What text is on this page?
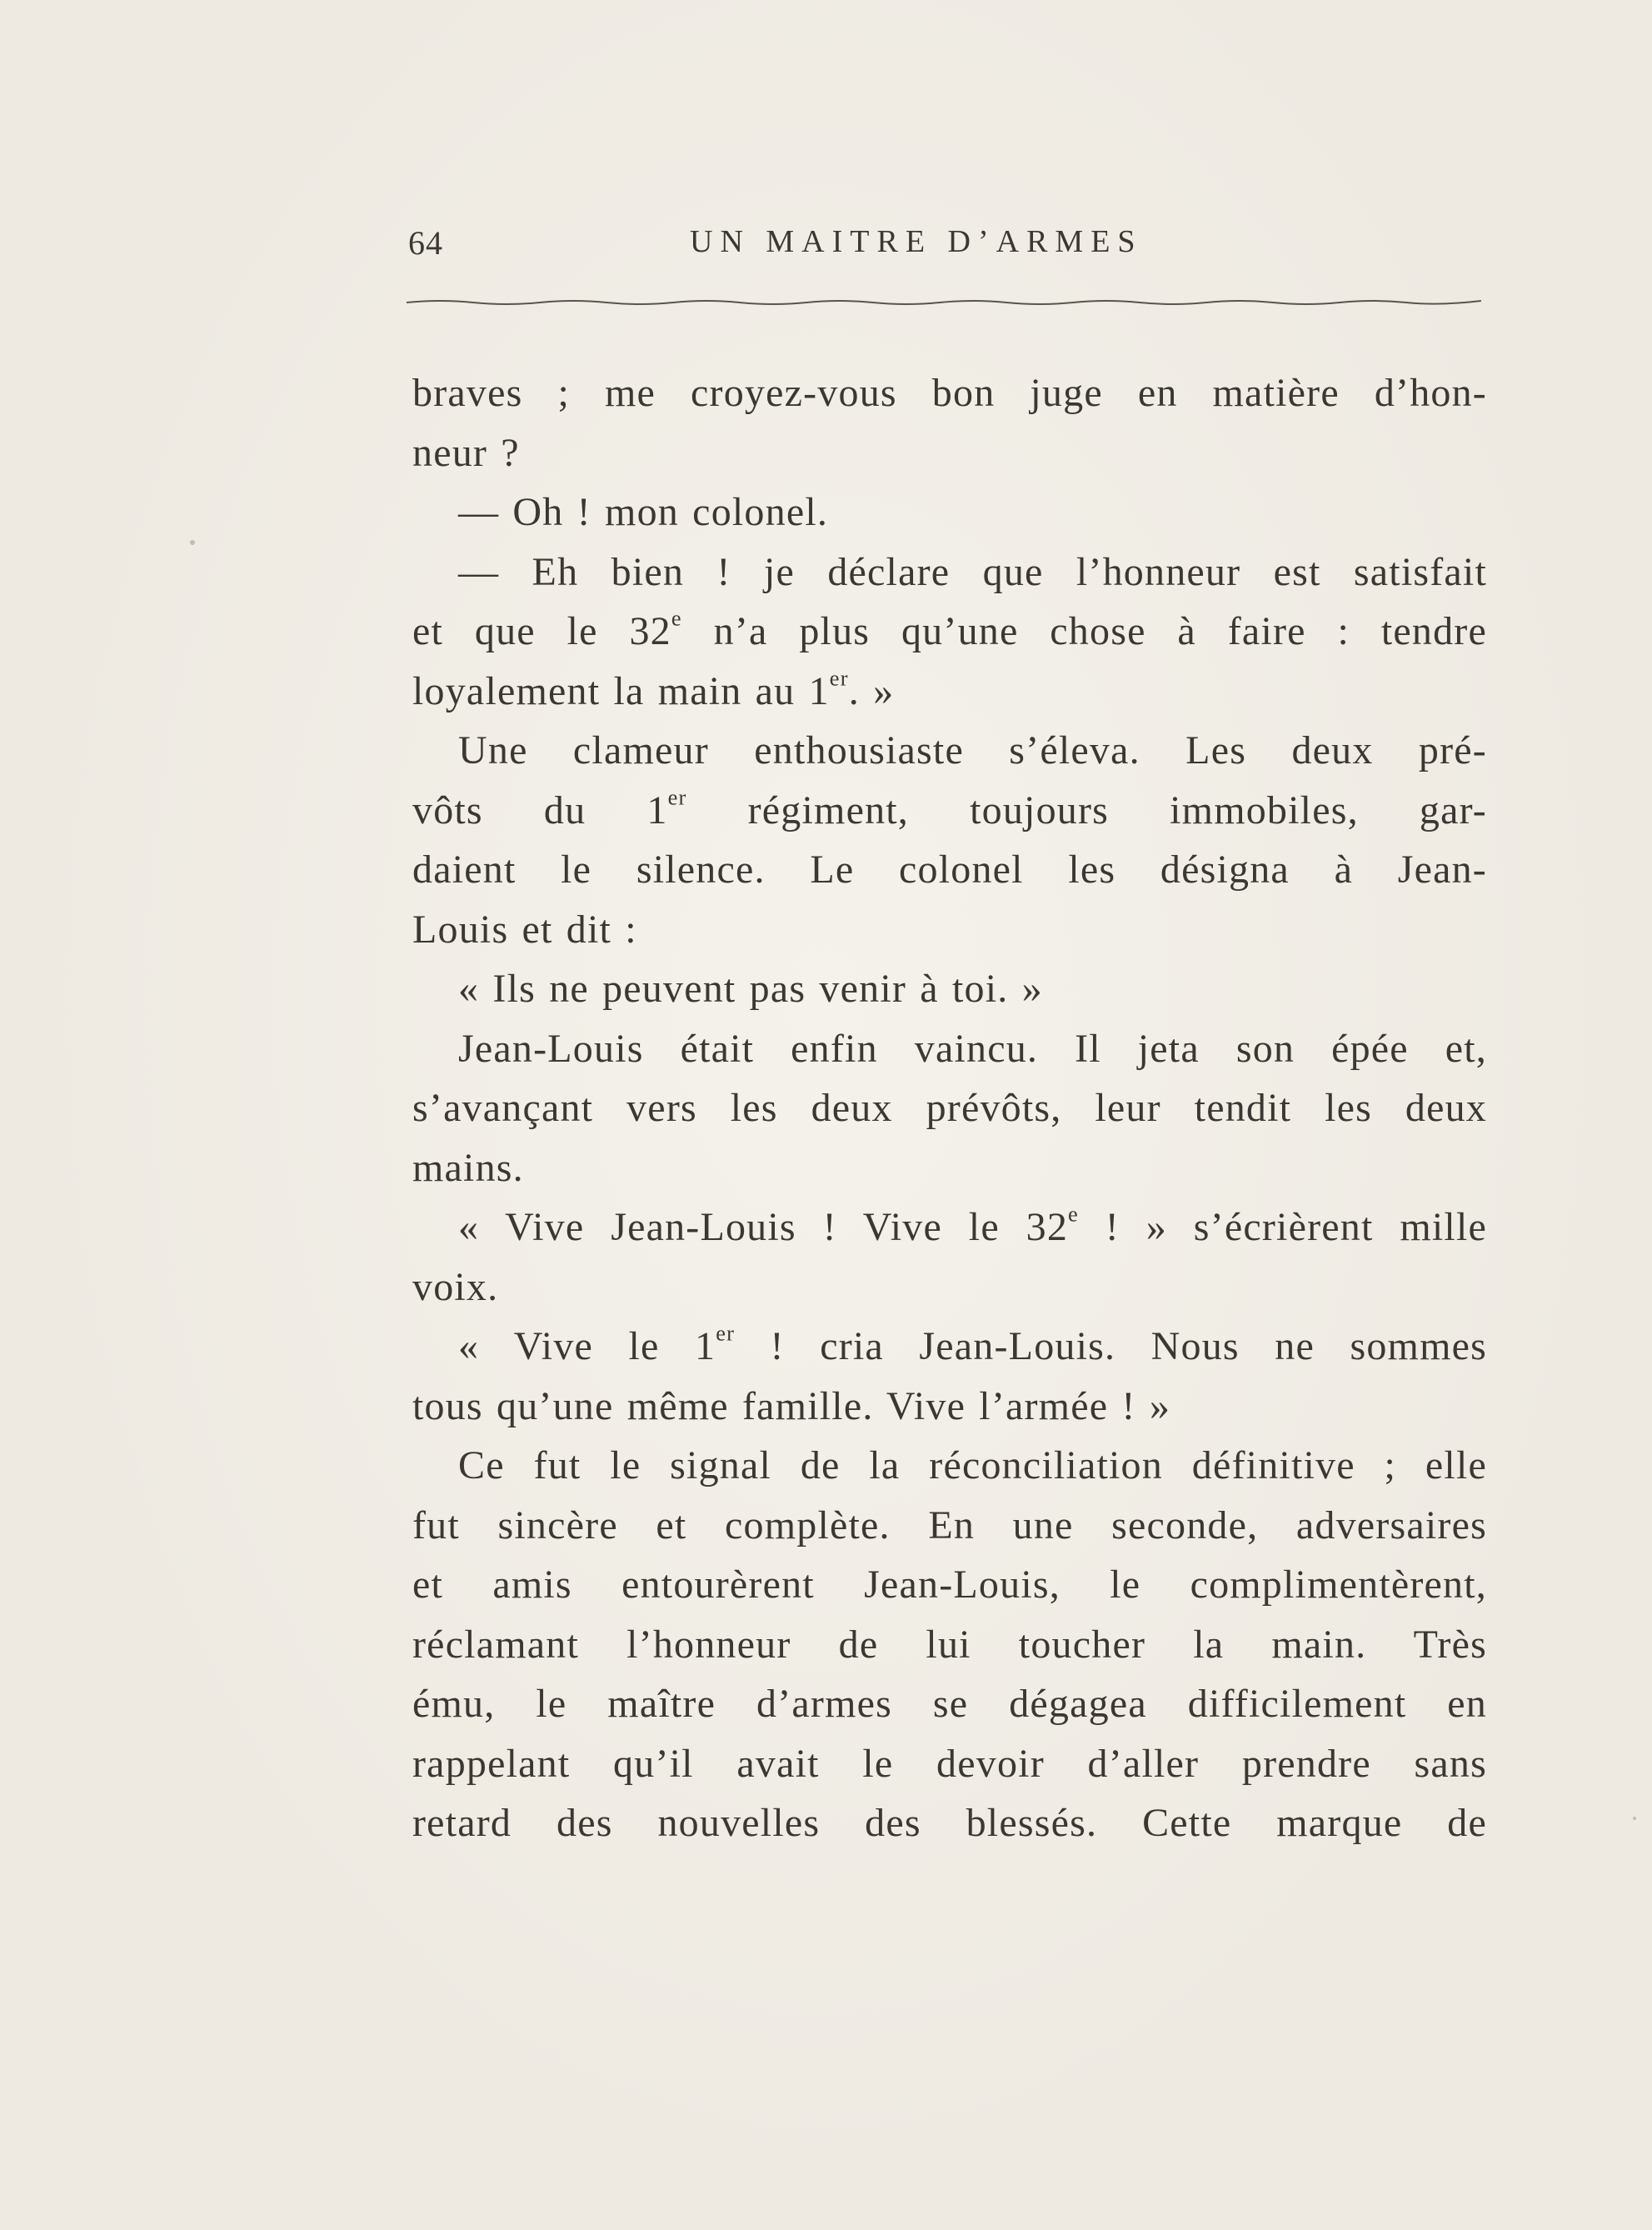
64	UN MAITRE D’ARMES

braves ; me croyez-vous bon juge en matière d’hon-
neur ?

— Oh ! mon colonel.

— Eh bien ! je déclare que l’honneur est satisfait

et que le 32e n’a plus qu’une chose à faire : tendre
loyalement la main au 1er. »

Une clameur enthousiaste s’éleva. Les deux pré-

vôts du 1er régiment, toujours immobiles, gar-
daient le silence. Le colonel les désigna à Jean-
Louis et dit :

« Ils ne peuvent pas venir à toi. »

Jean-Louis était enfin vaincu. Il jeta son épée et,

s’avançant vers les deux prévôts, leur tendit les deux
mains.

« Vive Jean-Louis ! Vive le 32e ! » s’écrièrent mille

voix.

« Vive le 1er ! cria Jean-Louis. Nous ne sommes

tous qu’une même famille. Vive l’armée ! »

Ce fut le signal de la réconciliation définitive ; elle

fut sincère et complète. En une seconde, adversaires
et amis entourèrent Jean-Louis, le complimentèrent,
réclamant l’honneur de lui toucher la main. Très
ému, le maître d’armes se dégagea difficilement en
rappelant qu’il avait le devoir d’aller prendre sans
retard des nouvelles des blessés. Cette marque de
